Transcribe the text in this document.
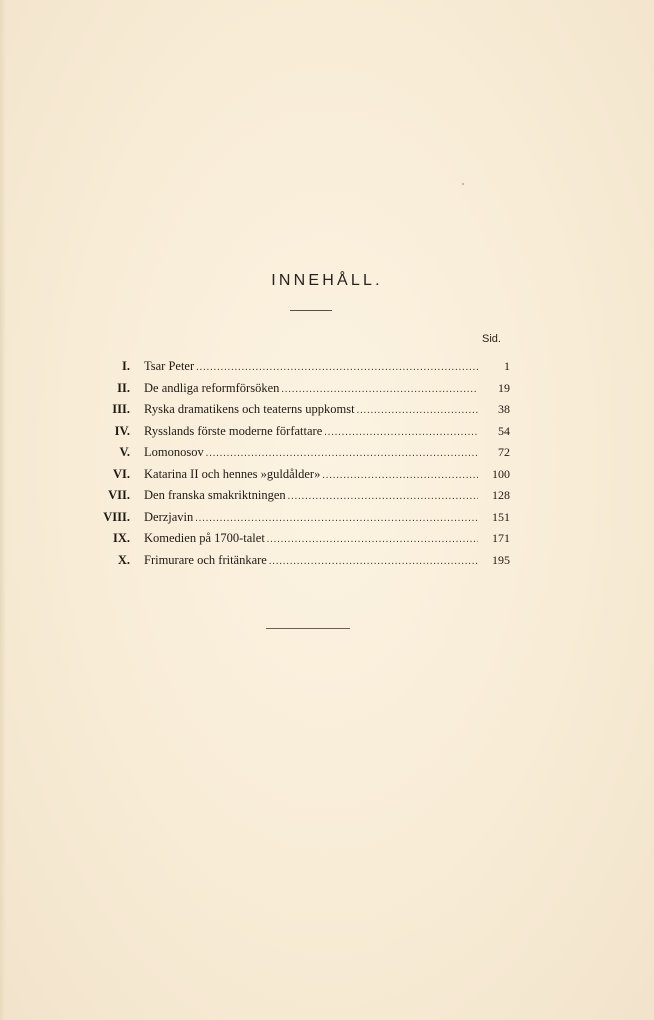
INNEHÅLL.
Sid.
I.	Tsar Peter .....	1
II.	De andliga reformförsöken .....	19
III.	Ryska dramatikens och teaterns uppkomst .....	38
IV.	Rysslands förste moderne författare .....	54
V.	Lomonosov .....	72
VI.	Katarina II och hennes »guldålder» .....	100
VII.	Den franska smakriktningen .....	128
VIII.	Derzjavin .....	151
IX.	Komedien på 1700-talet .....	171
X.	Frimurare och fritänkare .....	195
